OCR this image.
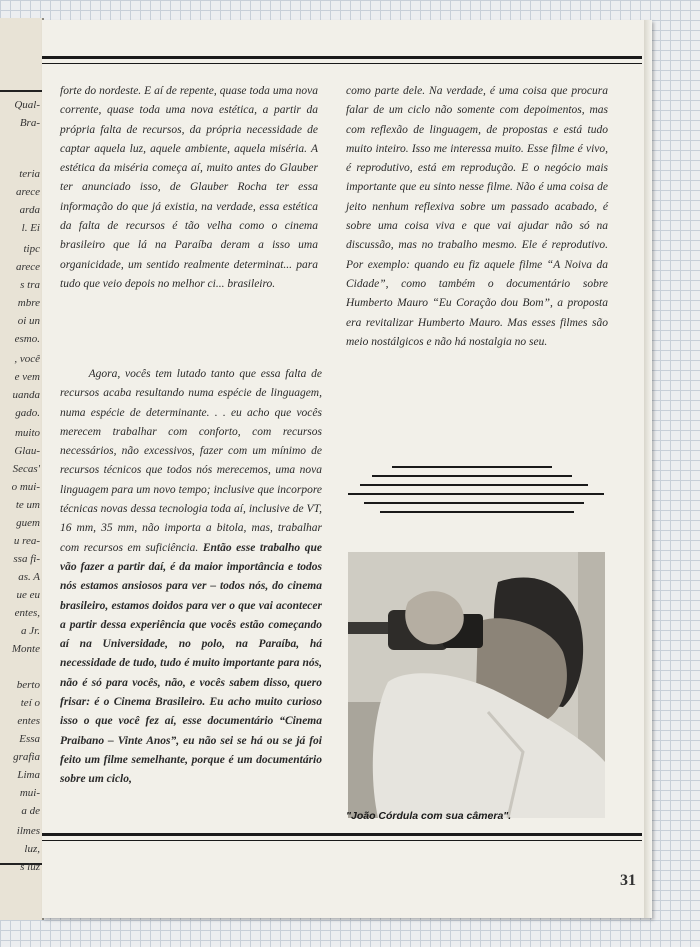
Qual-
Bra-
teria
arece
arda
l. Ei
tipc
arece
s tra
mbre
oi un
esmo.
, você
e vem
uanda
gado.
muito
Glau-
Secas'
o mui-
te um
guem
u rea-
ssa fi-
as. A
ue eu
entes,
a Jr.
Monte
berto
teí o
entes
Essa
grafia
Lima
mui-
a de
ilmes
luz,
s luz

forte do nordeste. E aí de repente, quase toda uma nova corrente, quase toda uma nova estética, a partir da própria falta de recursos, da própria necessidade de captar aquela luz, aquele ambiente, aquela miséria. A estética da miséria começa aí, muito antes do Glauber ter anunciado isso, de Glauber Rocha ter essa informação do que já existia, na verdade, essa estética da falta de recursos é tão velha como o cinema brasileiro que lá na Paraíba deram a isso uma organicidade, um sentido realmente determinat... para tudo que veio depois no melhor ci... brasileiro.

Agora, vocês tem lutado tanto que essa falta de recursos acaba resultando numa espécie de linguagem, numa espécie de determinante. . . eu acho que vocês merecem trabalhar com conforto, com recursos necessários, não excessivos, fazer com um mínimo de recursos técnicos que todos nós merecemos, uma nova linguagem para um novo tempo; inclusive que incorpore técnicas novas dessa tecnologia toda aí, inclusive de VT, 16 mm, 35 mm, não importa a bitola, mas, trabalhar com recursos em suficiência. Então esse trabalho que vão fazer a partir daí, é da maior importância e todos nós estamos ansiosos para ver – todos nós, do cinema brasileiro, estamos doidos para ver o que vai acontecer a partir dessa experiência que vocês estão começando aí na Universidade, no polo, na Paraíba, há necessidade de tudo, tudo é muito importante para nós, não é só para vocês, não, e vocês sabem disso, quero frisar: é o Cinema Brasileiro. Eu acho muito curioso isso o que você fez aí, esse documentário “Cinema Praibano – Vinte Anos”, eu não sei se há ou se já foi feito um filme semelhante, porque é um documentário sobre um ciclo,

como parte dele. Na verdade, é uma coisa que procura falar de um ciclo não somente com depoimentos, mas com reflexão de linguagem, de propostas e está tudo muito inteiro. Isso me interessa muito. Esse filme é vivo, é reprodutivo, está em reprodução. E o negócio mais importante que eu sinto nesse filme. Não é uma coisa de jeito nenhum reflexiva sobre um passado acabado, é sobre uma coisa viva e que vai ajudar não só na discussão, mas no trabalho mesmo. Ele é reprodutivo. Por exemplo: quando eu fiz aquele filme “A Noiva da Cidade”, como também o documentário sobre Humberto Mauro “Eu Coração dou Bom”, a proposta era revitalizar Humberto Mauro. Mas esses filmes são meio nostálgicos e não há nostalgia no seu.

"João Córdula com sua câmera".
31
